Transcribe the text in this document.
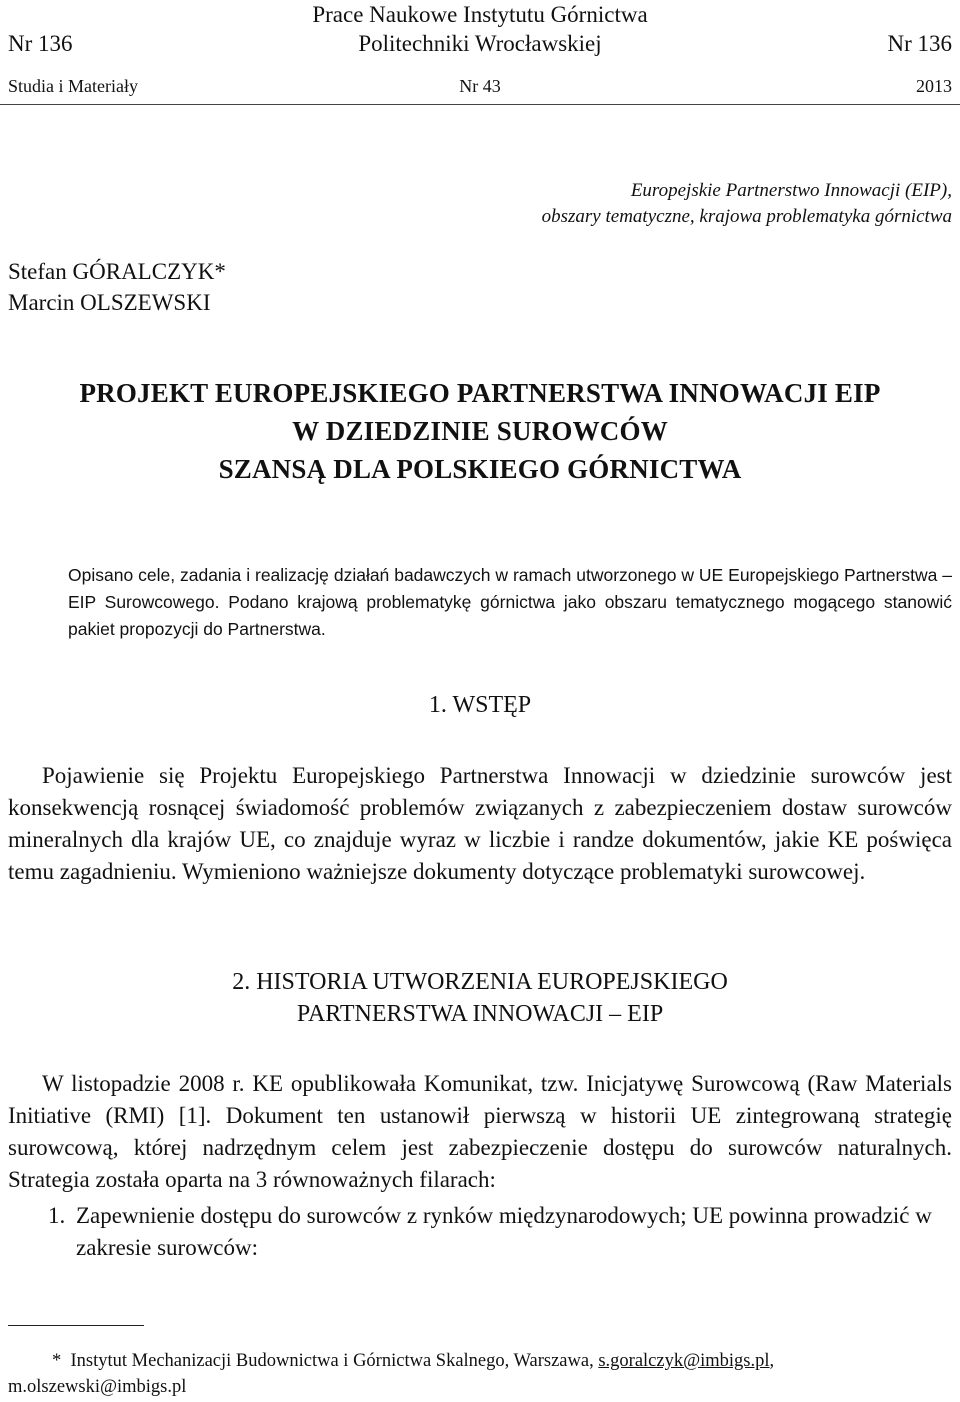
Prace Naukowe Instytutu Górnictwa
Nr 136	Politechniki Wrocławskiej	Nr 136
Studia i Materiały	Nr 43	2013
Europejskie Partnerstwo Innowacji (EIP),
obszary tematyczne, krajowa problematyka górnictwa
Stefan GÓRALCZYK*
Marcin OLSZEWSKI
PROJEKT EUROPEJSKIEGO PARTNERSTWA INNOWACJI EIP
W DZIEDZINIE SUROWCÓW
SZANSĄ DLA POLSKIEGO GÓRNICTWA

Opisano cele, zadania i realizację działań badawczych w ramach utworzonego w UE Europejskiego Partnerstwa – EIP Surowcowego. Podano krajową problematykę górnictwa jako obszaru tematycznego mogącego stanowić pakiet propozycji do Partnerstwa.

1. WSTĘP

Pojawienie się Projektu Europejskiego Partnerstwa Innowacji w dziedzinie surowców jest konsekwencją rosnącej świadomość problemów związanych z zabezpieczeniem dostaw surowców mineralnych dla krajów UE, co znajduje wyraz w liczbie i randze dokumentów, jakie KE poświęca temu zagadnieniu. Wymieniono ważniejsze dokumenty dotyczące problematyki surowcowej.

2. HISTORIA UTWORZENIA EUROPEJSKIEGO
PARTNERSTWA INNOWACJI – EIP

W listopadzie 2008 r. KE opublikowała Komunikat, tzw. Inicjatywę Surowcową (Raw Materials Initiative (RMI) [1]. Dokument ten ustanowił pierwszą w historii UE zintegrowaną strategię surowcową, której nadrzędnym celem jest zabezpieczenie dostępu do surowców naturalnych. Strategia została oparta na 3 równoważnych filarach:

1. Zapewnienie dostępu do surowców z rynków międzynarodowych; UE powinna prowadzić w zakresie surowców:
* Instytut Mechanizacji Budownictwa i Górnictwa Skalnego, Warszawa, s.goralczyk@imbigs.pl,
m.olszewski@imbigs.pl
